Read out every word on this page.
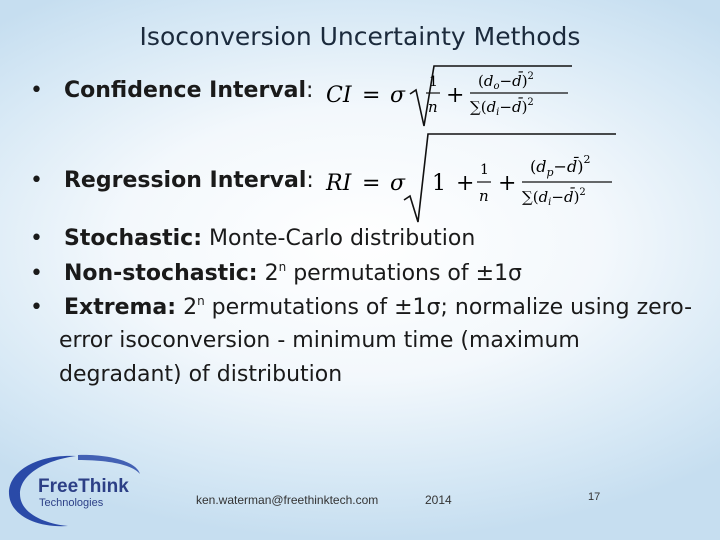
Isoconversion Uncertainty Methods
• Confidence Interval: CI = σ
1
n +
$(d_o-d̄)^2$
$\sum(d_i-d̄)^2$
• Regression Interval: RI = σ 1 +
1
n +
$(d_p-d̄)^2$
$\sum(d_i-d̄)^2$
• Stochastic: Monte-Carlo distribution
• Non-stochastic: 2$^n$ permutations of ±1σ
• Extrema: 2$^n$ permutations of ±1σ; normalize using zero-
error isoconversion - minimum time (maximum
degradant) of distribution
FreeThink
Technologies	ken.waterman@freethinktech.com	2014	17
